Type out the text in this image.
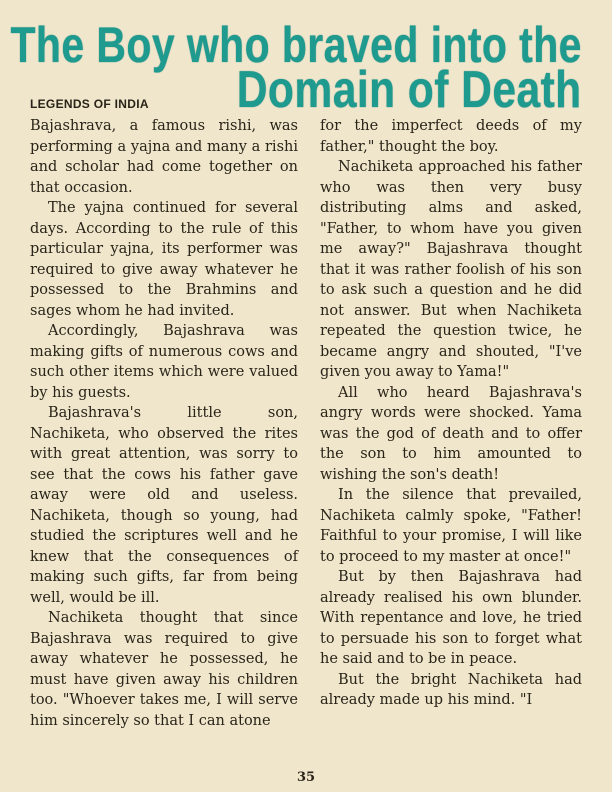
The Boy who braved into the
Domain of Death
LEGENDS OF INDIA

Bajashrava, a famous rishi, was performing a yajna and many a rishi and scholar had come together on that occasion.

The yajna continued for several days. According to the rule of this particular yajna, its performer was required to give away whatever he possessed to the Brahmins and sages whom he had invited.

Accordingly, Bajashrava was making gifts of numerous cows and such other items which were valued by his guests.

Bajashrava's little son, Nachiketa, who observed the rites with great attention, was sorry to see that the cows his father gave away were old and useless. Nachiketa, though so young, had studied the scriptures well and he knew that the consequences of making such gifts, far from being well, would be ill.

Nachiketa thought that since Bajashrava was required to give away whatever he possessed, he must have given away his children too. "Whoever takes me, I will serve him sincerely so that I can atone

for the imperfect deeds of my father," thought the boy.

Nachiketa approached his father who was then very busy distributing alms and asked, "Father, to whom have you given me away?" Bajashrava thought that it was rather foolish of his son to ask such a question and he did not answer. But when Nachiketa repeated the question twice, he became angry and shouted, "I've given you away to Yama!"

All who heard Bajashrava's angry words were shocked. Yama was the god of death and to offer the son to him amounted to wishing the son's death!

In the silence that prevailed, Nachiketa calmly spoke, "Father! Faithful to your promise, I will like to proceed to my master at once!"

But by then Bajashrava had already realised his own blunder. With repentance and love, he tried to persuade his son to forget what he said and to be in peace.

But the bright Nachiketa had already made up his mind. "I

35
